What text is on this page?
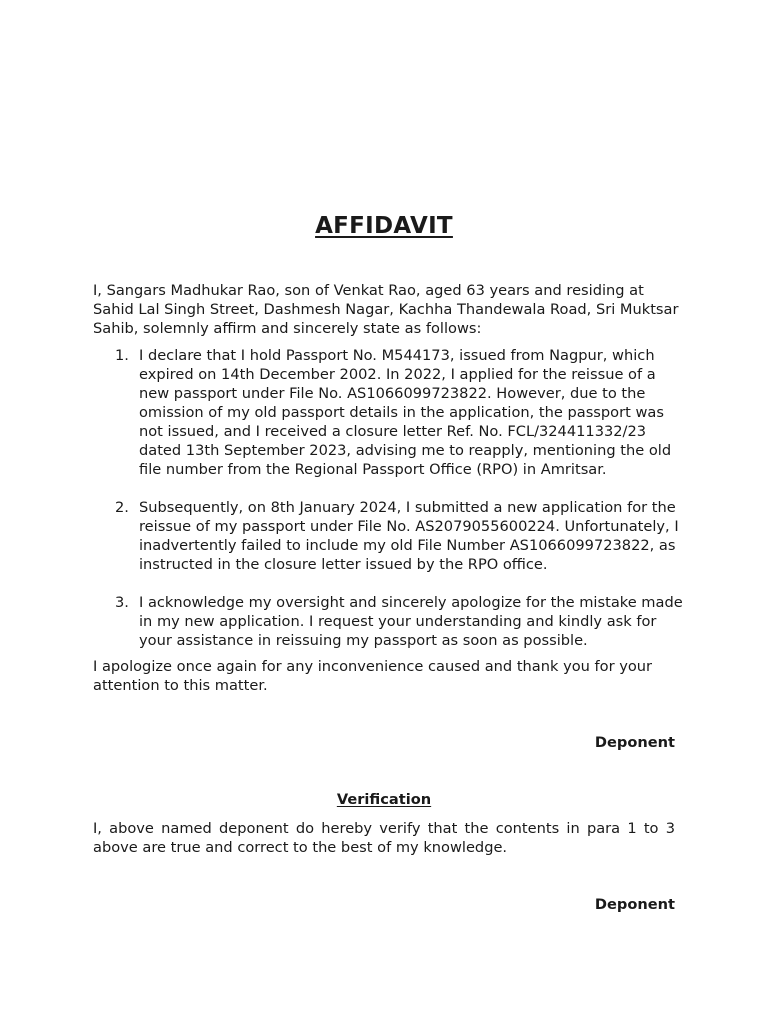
AFFIDAVIT

I, Sangars Madhukar Rao, son of Venkat Rao, aged 63 years and residing at Sahid Lal Singh Street, Dashmesh Nagar, Kachha Thandewala Road, Sri Muktsar Sahib, solemnly affirm and sincerely state as follows:

1. I declare that I hold Passport No. M544173, issued from Nagpur, which expired on 14th December 2002. In 2022, I applied for the reissue of a new passport under File No. AS1066099723822. However, due to the omission of my old passport details in the application, the passport was not issued, and I received a closure letter Ref. No. FCL/324411332/23 dated 13th September 2023, advising me to reapply, mentioning the old file number from the Regional Passport Office (RPO) in Amritsar.
2. Subsequently, on 8th January 2024, I submitted a new application for the reissue of my passport under File No. AS2079055600224. Unfortunately, I inadvertently failed to include my old File Number AS1066099723822, as instructed in the closure letter issued by the RPO office.
3. I acknowledge my oversight and sincerely apologize for the mistake made in my new application. I request your understanding and kindly ask for your assistance in reissuing my passport as soon as possible.

I apologize once again for any inconvenience caused and thank you for your attention to this matter.

Deponent
Verification

I, above named deponent do hereby verify that the contents in para 1 to 3 above are true and correct to the best of my knowledge.

Deponent
